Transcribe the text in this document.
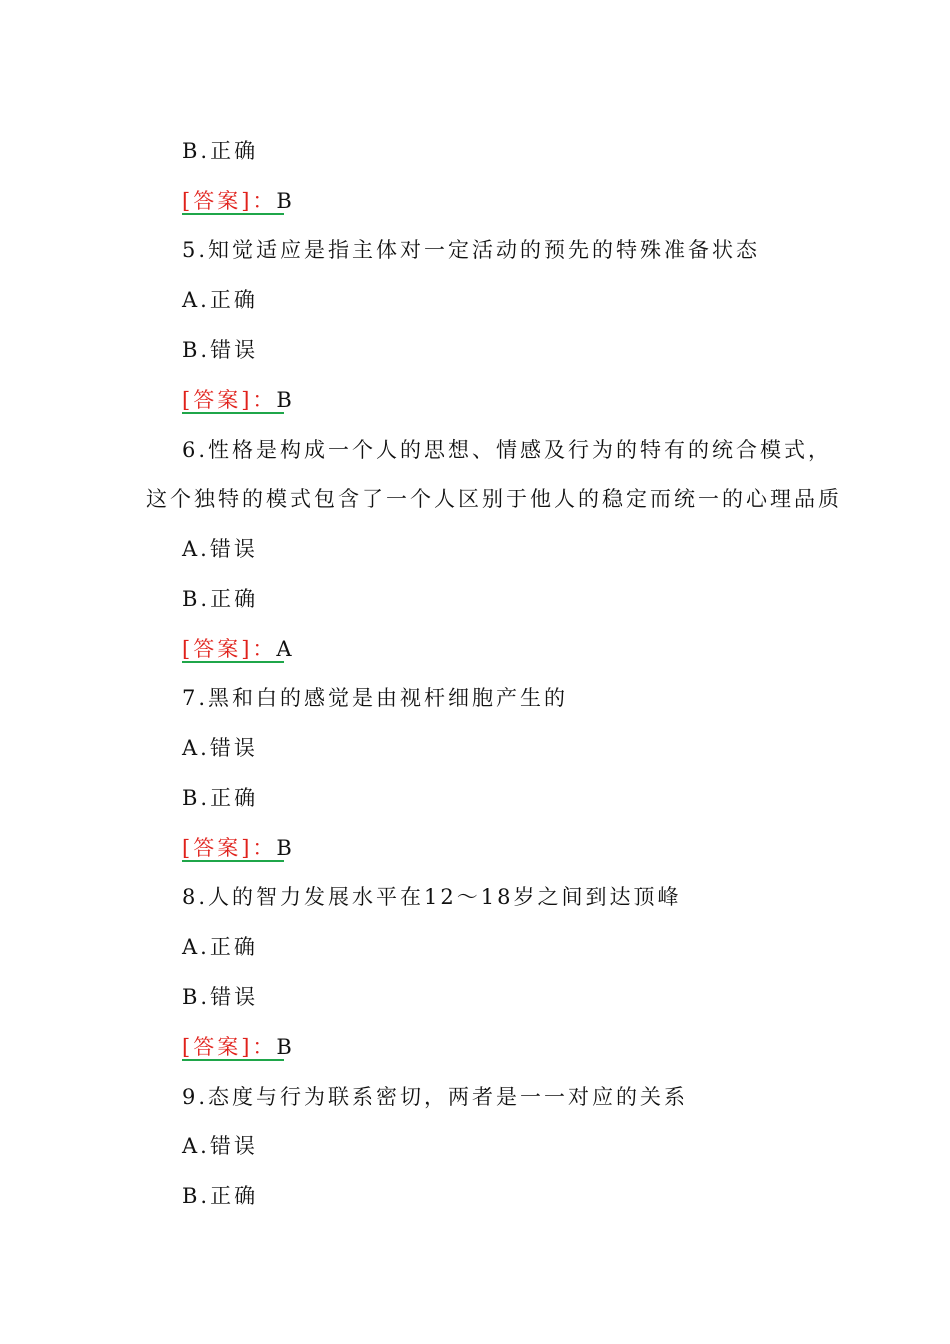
B.正确
[答案]：B
5.知觉适应是指主体对一定活动的预先的特殊准备状态
A.正确
B.错误
[答案]：B
6.性格是构成一个人的思想、情感及行为的特有的统合模式，
这个独特的模式包含了一个人区别于他人的稳定而统一的心理品质
A.错误
B.正确
[答案]：A
7.黑和白的感觉是由视杆细胞产生的
A.错误
B.正确
[答案]：B
8.人的智力发展水平在12～18岁之间到达顶峰
A.正确
B.错误
[答案]：B
9.态度与行为联系密切，两者是一一对应的关系
A.错误
B.正确
